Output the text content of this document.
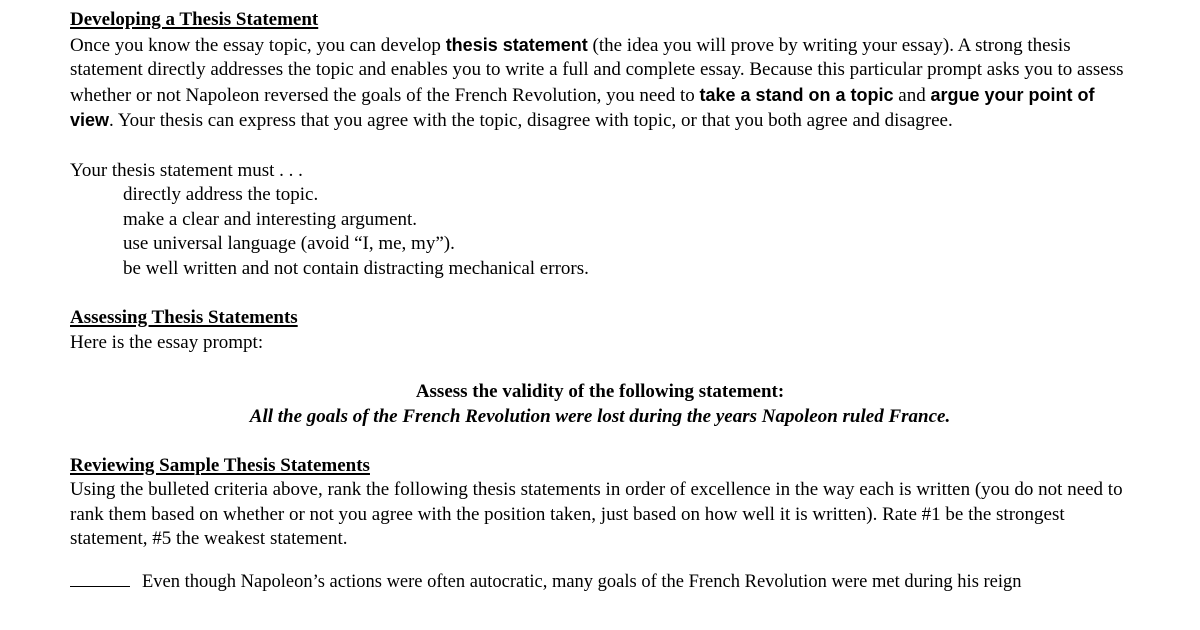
Developing a Thesis Statement

Once you know the essay topic, you can develop thesis statement (the idea you will prove by writing your essay). A strong thesis statement directly addresses the topic and enables you to write a full and complete essay. Because this particular prompt asks you to assess whether or not Napoleon reversed the goals of the French Revolution, you need to take a stand on a topic and argue your point of view. Your thesis can express that you agree with the topic, disagree with topic, or that you both agree and disagree.

Your thesis statement must . . .

directly address the topic.

make a clear and interesting argument.

use universal language (avoid “I, me, my”).

be well written and not contain distracting mechanical errors.

Assessing Thesis Statements

Here is the essay prompt:

Assess the validity of the following statement:

All the goals of the French Revolution were lost during the years Napoleon ruled France.

Reviewing Sample Thesis Statements

Using the bulleted criteria above, rank the following thesis statements in order of excellence in the way each is written (you do not need to rank them based on whether or not you agree with the position taken, just based on how well it is written). Rate #1 be the strongest statement, #5 the weakest statement.

Even though Napoleon’s actions were often autocratic, many goals of the French Revolution were met during his reign
